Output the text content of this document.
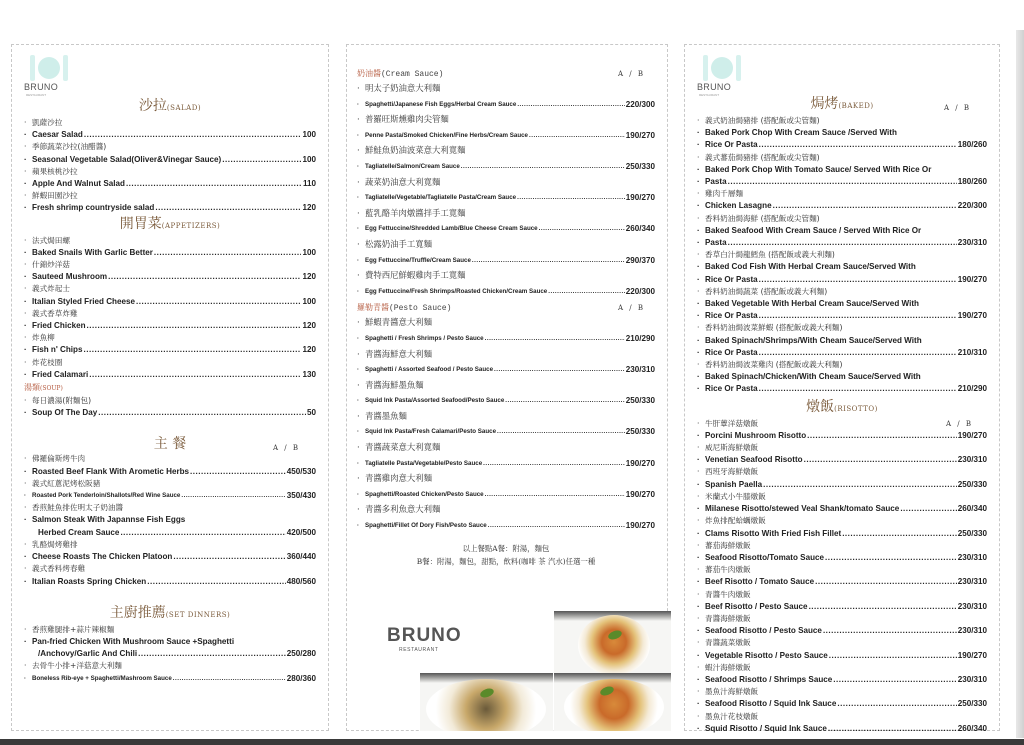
BRUNO
RESTAURANT
沙拉(SALAD)
· 凱薩沙拉
· Caesar Salad .....	100
· 季節蔬菜沙拉(油醋醬)
· Seasonal Vegetable Salad(Oliver&Vinegar Sauce) .....	100
· 蘋果核桃沙拉
· Apple And Walnut Salad .....	110
· 鮮蝦田園沙拉
· Fresh shrimp countryside salad .....	120
開胃菜(APPETIZERS)
· 法式焗田螺
· Baked Snails With Garlic Better .....	100
· 什錦炒洋菇
· Sauteed Mushroom .....	120
· 義式炸起士
· Italian Styled Fried Cheese .....	100
· 義式香草炸雞
· Fried Chicken .....	120
· 炸魚柳
· Fish n' Chips .....	120
· 炸花枝圈
· Fried Calamari .....	130
湯類(SOUP)
· 每日濃湯(附麵包)
· Soup Of The Day .....	50
主 餐	A / B
· 佛羅倫斯烤牛肉
· Roasted Beef Flank With Arometic Herbs .....	450/530
· 義式紅蔥泥烤松阪豬
· Roasted Pork Tenderloin/Shallots/Red Wine Sauce .....	350/430
· 香煎鮭魚排佐明太子奶油醬
· Salmon Steak With Japannse Fish Eggs
Herbed Cream Sauce .....	420/500
· 乳酪焗烤雞排
· Cheese Roasts The Chicken Platoon .....	360/440
· 義式香料烤春雞
· Italian Roasts Spring Chicken .....	480/560
主廚推薦(SET DINNERS)
· 香煎雞腿排+蒜片辣椒麵
· Pan-fried Chicken With Mushroom Sauce +Spaghetti
/Anchovy/Garlic And Chili .....	250/280
· 去骨牛小排+洋菇意大利麵
· Boneless Rib-eye + Spaghetti/Mashroom Sauce .....	280/360
奶油醬(Cream Sauce)	A / B
· 明太子奶油意大利麵
· Spaghetti/Japanese Fish Eggs/Herbal Cream Sauce .....	220/300
· 普羅旺斯燻雞肉尖管麵
· Penne Pasta/Smoked Chicken/Fine Herbs/Cream Sauce .....	190/270
· 鮮鮭魚奶油波菜意大利寬麵
· Tagliatelle/Salmon/Cream Sauce .....	250/330
· 蔬菜奶油意大利寬麵
· Tagliatelle/Vegetable/Tagliatelle Pasta/Cream Sauce .....	190/270
· 藍乳酪羊肉燉醬拌手工寬麵
· Egg Fettuccine/Shredded Lamb/Blue Cheese Cream Sauce .....	260/340
· 松露奶油手工寬麵
· Egg Fettuccine/Truffle/Cream Sauce .....	290/370
· 費特西尼鮮蝦雞肉手工寬麵
· Egg Fettuccine/Fresh Shrimps/Roasted Chicken/Cream Sauce .....	220/300
羅勒青醬(Pesto Sauce)	A / B
· 鮮蝦青醬意大利麵
· Spaghetti / Fresh Shrimps / Pesto Sauce .....	210/290
· 青醬海鮮意大利麵
· Spaghetti / Assorted Seafood / Pesto Sauce .....	230/310
· 青醬海鮮墨魚麵
· Squid Ink Pasta/Assorted Seafood/Pesto Sauce .....	250/330
· 青醬墨魚麵
· Squid Ink Pasta/Fresh Calamari/Pesto Sauce .....	250/330
· 青醬蔬菜意大利寬麵
· Tagliatelle Pasta/Vegetable/Pesto Sauce .....	190/270
· 青醬雞肉意大利麵
· Spaghetti/Roasted Chicken/Pesto Sauce .....	190/270
· 青醬多利魚意大利麵
· Spaghetti/Fillet Of Dory Fish/Pesto Sauce .....	190/270
以上餐點A餐：附湯，麵包
B餐：附湯，麵包，甜點，飲料(咖啡 茶 汽水)任選一種
BRUNO
RESTAURANT
BRUNO
RESTAURANT
焗烤(BAKED)	A / B
· 義式奶油焗豬排 (搭配飯或尖管麵)
· Baked Pork Chop With Cream Sauce /Served With
· Rice Or Pasta .....	180/260
· 義式蕃茄焗豬排 (搭配飯或尖管麵)
· Baked Pork Chop With Tomato Sauce/ Served With Rice Or
· Pasta .....	180/260
· 雞肉千層麵
· Chicken Lasagne .....	220/300
· 香料奶油焗海鮮 (搭配飯或尖管麵)
· Baked Seafood With Cream Sauce / Served With Rice Or
· Pasta .....	230/310
· 香草白汁焗龍鱈魚 (搭配飯或義大利麵)
· Baked Cod Fish With Herbal Cream Sauce/Served With
· Rice Or Pasta .....	190/270
· 香料奶油焗蔬菜 (搭配飯或義大利麵)
· Baked Vegetable With Herbal Cream Sauce/Served With
· Rice Or Pasta .....	190/270
· 香料奶油焗波菜鮮蝦 (搭配飯或義大利麵)
· Baked Spinach/Shrimps/With Cheam Sauce/Served With
· Rice Or Pasta .....	210/310
· 香料奶油焗波菜雞肉 (搭配飯或義大利麵)
· Baked Spinach/Chicken/With Cheam Sauce/Served With
· Rice Or Pasta .....	210/290
燉飯(RISOTTO)
· 牛肝蕈洋菇燉飯	A / B
· Porcini Mushroom Risotto .....	190/270
· 威尼斯海鮮燉飯
· Venetian Seafood Risotto .....	230/310
· 西班牙海鮮燉飯
· Spanish Paella .....	250/330
· 米蘭式小牛膝燉飯
· Milanese Risotto/stewed Veal Shank/tomato Sauce .....	260/340
· 炸魚排配蛤蠣燉飯
· Clams Risotto With Fried Fish Fillet .....	250/330
· 蕃茄海鮮燉飯
· Seafood Risotto/Tomato Sauce .....	230/310
· 蕃茄牛肉燉飯
· Beef Risotto / Tomato Sauce .....	230/310
· 青醬牛肉燉飯
· Beef Risotto / Pesto Sauce .....	230/310
· 青醬海鮮燉飯
· Seafood Risotto / Pesto Sauce .....	230/310
· 青醬蔬菜燉飯
· Vegetable Risotto / Pesto Sauce .....	190/270
· 蝦汁海鮮燉飯
· Seafood Risotto / Shrimps Sauce .....	230/310
· 墨魚汁海鮮燉飯
· Seafood Risotto / Squid Ink Sauce .....	250/330
· 墨魚汁花枝燉飯
· Squid Risotto / Squid Ink Sauce .....	260/340
